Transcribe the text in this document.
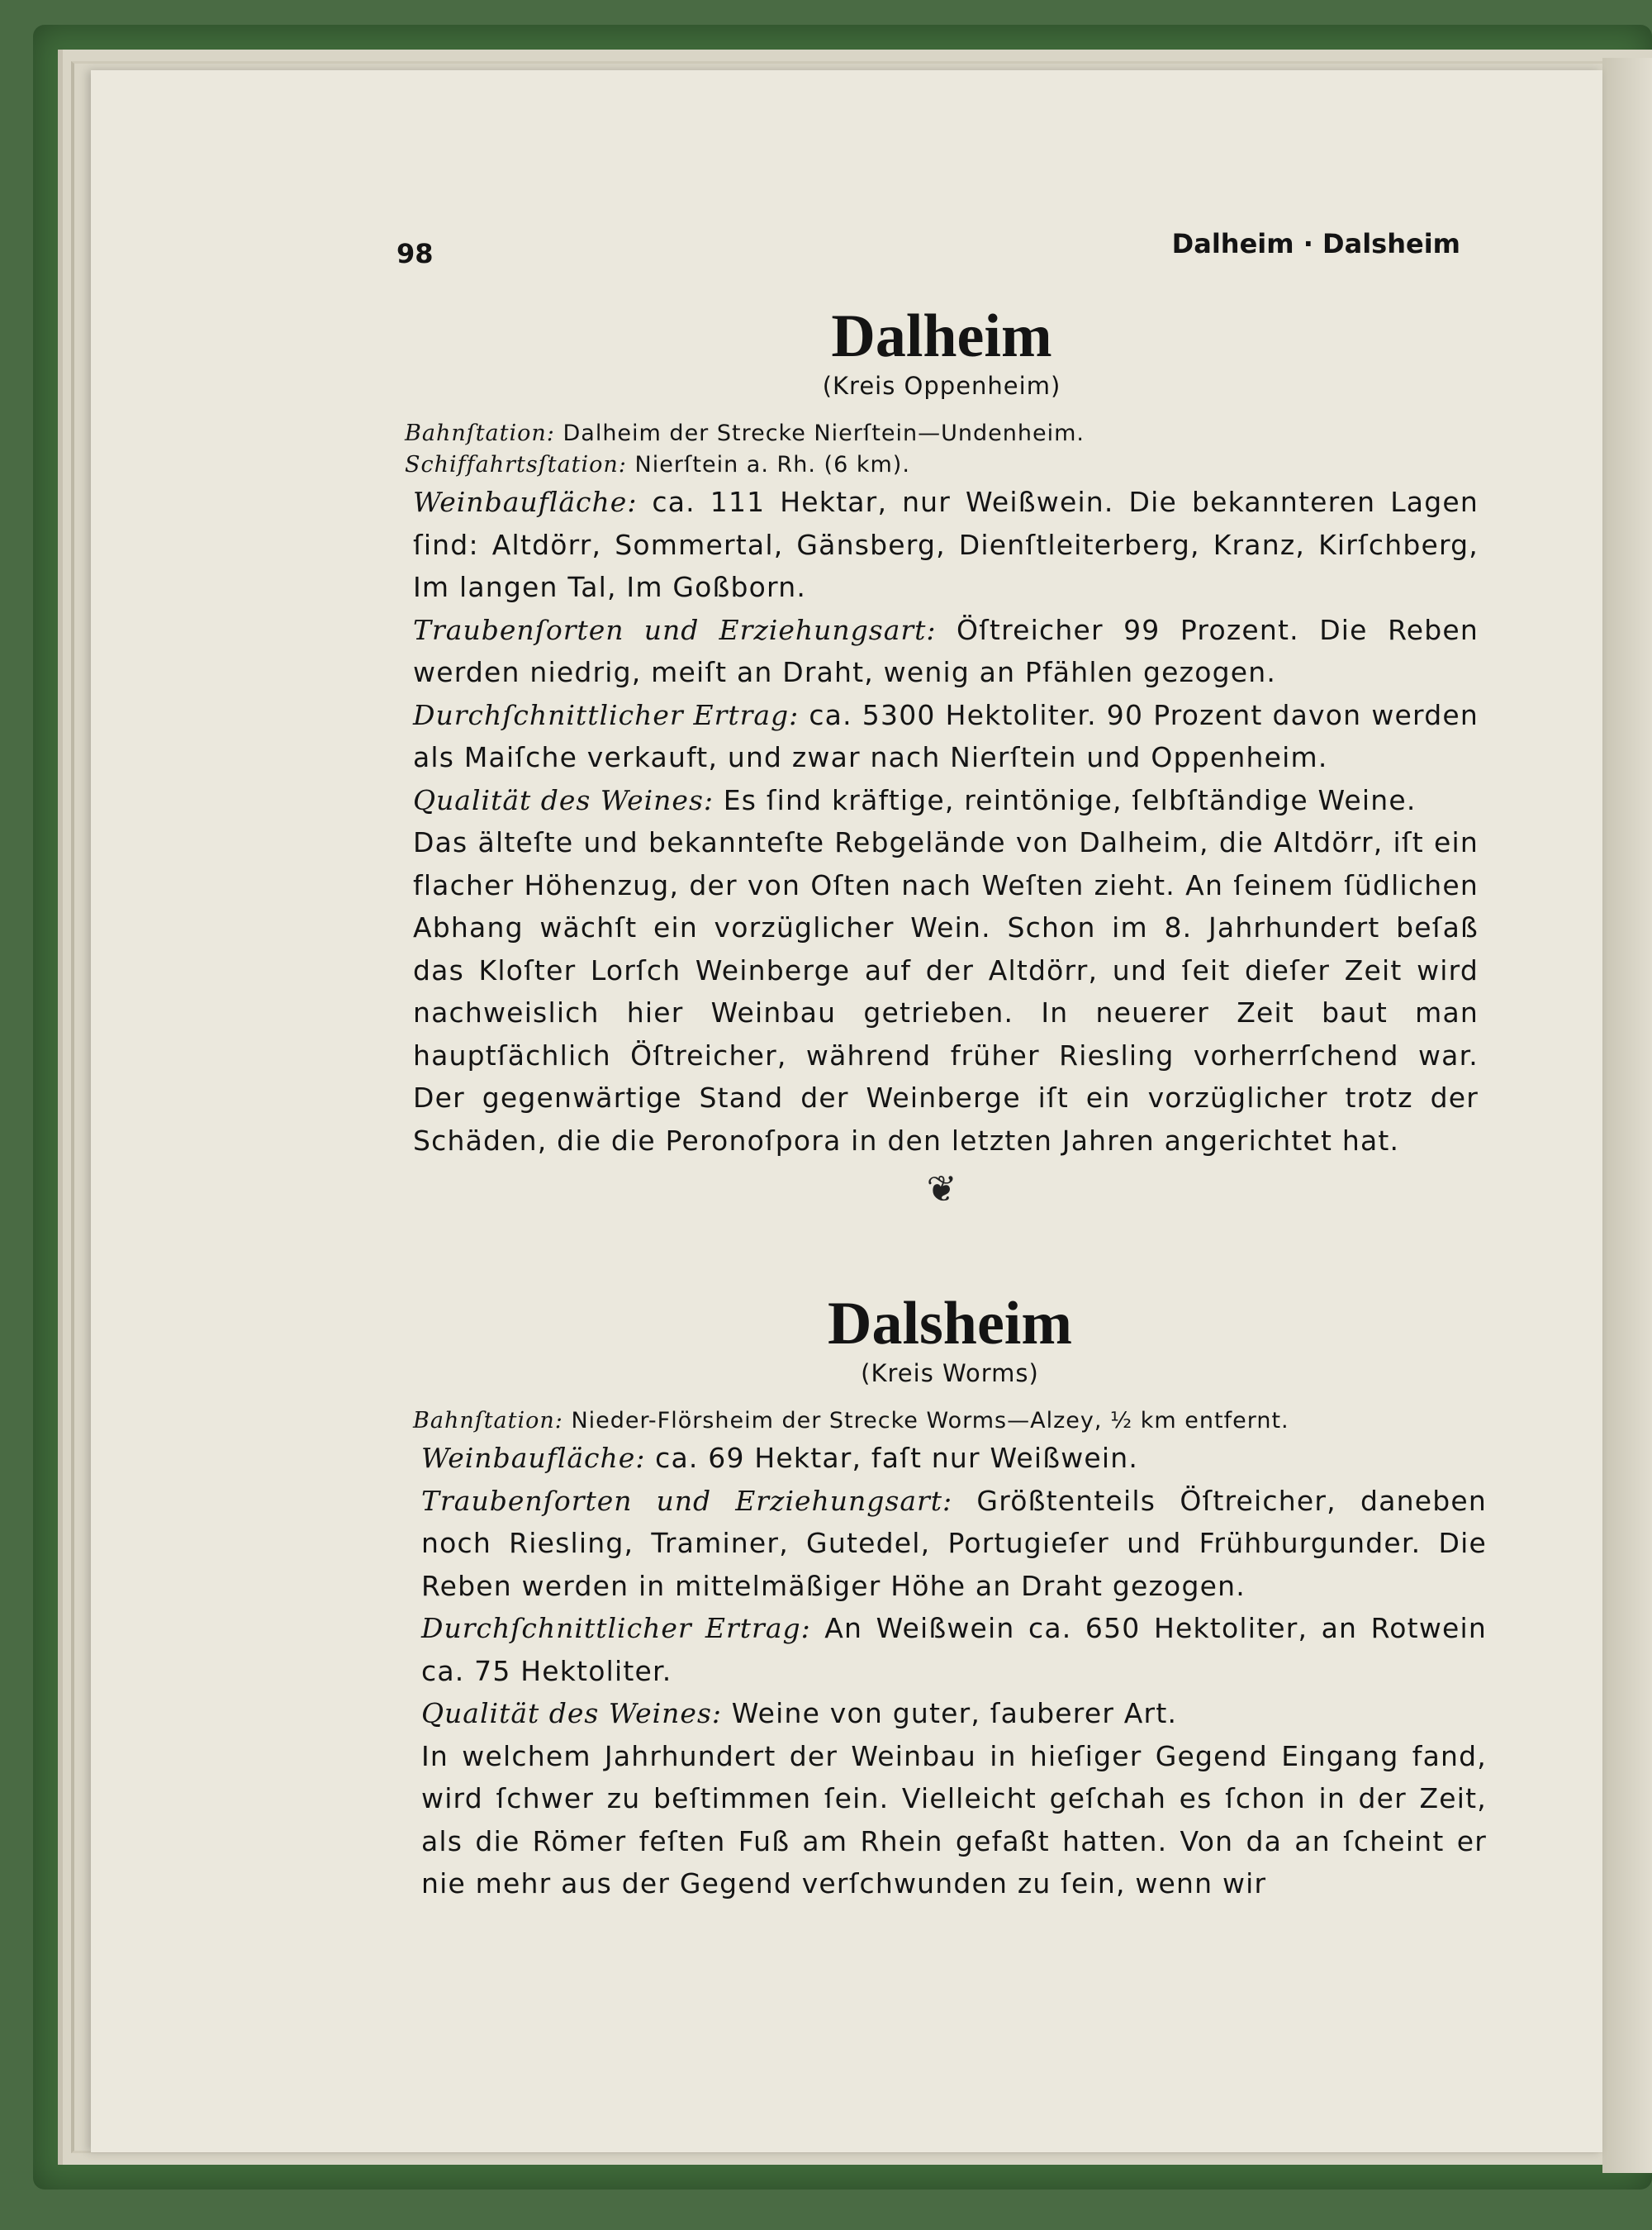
98	Dalheim · Dalsheim
Dalheim
(Kreis Oppenheim)
Bahnſtation: Dalheim der Strecke Nierſtein—Undenheim.
Schiffahrtsſtation: Nierſtein a. Rh. (6 km).

Weinbaufläche: ca. 111 Hektar, nur Weißwein. Die bekannteren Lagen ſind: Altdörr, Sommertal, Gänsberg, Dienſtleiterberg, Kranz, Kirſchberg, Im langen Tal, Im Goßborn.

Traubenſorten und Erziehungsart: Öſtreicher 99 Prozent. Die Reben werden niedrig, meiſt an Draht, wenig an Pfählen gezogen.

Durchſchnittlicher Ertrag: ca. 5300 Hektoliter. 90 Prozent davon werden als Maiſche verkauft, und zwar nach Nierſtein und Oppenheim.

Qualität des Weines: Es ſind kräftige, reintönige, ſelbſtändige Weine.

Das älteſte und bekannteſte Rebgelände von Dalheim, die Altdörr, iſt ein flacher Höhenzug, der von Oſten nach Weſten zieht. An ſeinem ſüdlichen Abhang wächſt ein vorzüglicher Wein. Schon im 8. Jahrhundert beſaß das Kloſter Lorſch Weinberge auf der Altdörr, und ſeit dieſer Zeit wird nachweislich hier Weinbau getrieben. In neuerer Zeit baut man hauptſächlich Öſtreicher, während früher Riesling vorherrſchend war. Der gegenwärtige Stand der Weinberge iſt ein vorzüglicher trotz der Schäden, die die Peronoſpora in den letzten Jahren angerichtet hat.

❦
Dalsheim
(Kreis Worms)
Bahnſtation: Nieder-Flörsheim der Strecke Worms—Alzey, ½ km entfernt.

Weinbaufläche: ca. 69 Hektar, faſt nur Weißwein.

Traubenſorten und Erziehungsart: Größtenteils Öſtreicher, daneben noch Riesling, Traminer, Gutedel, Portugieſer und Frühburgunder. Die Reben werden in mittelmäßiger Höhe an Draht gezogen.

Durchſchnittlicher Ertrag: An Weißwein ca. 650 Hektoliter, an Rotwein ca. 75 Hektoliter.

Qualität des Weines: Weine von guter, ſauberer Art.

In welchem Jahrhundert der Weinbau in hieſiger Gegend Eingang fand, wird ſchwer zu beſtimmen ſein. Vielleicht geſchah es ſchon in der Zeit, als die Römer feſten Fuß am Rhein gefaßt hatten. Von da an ſcheint er nie mehr aus der Gegend verſchwunden zu ſein, wenn wir
